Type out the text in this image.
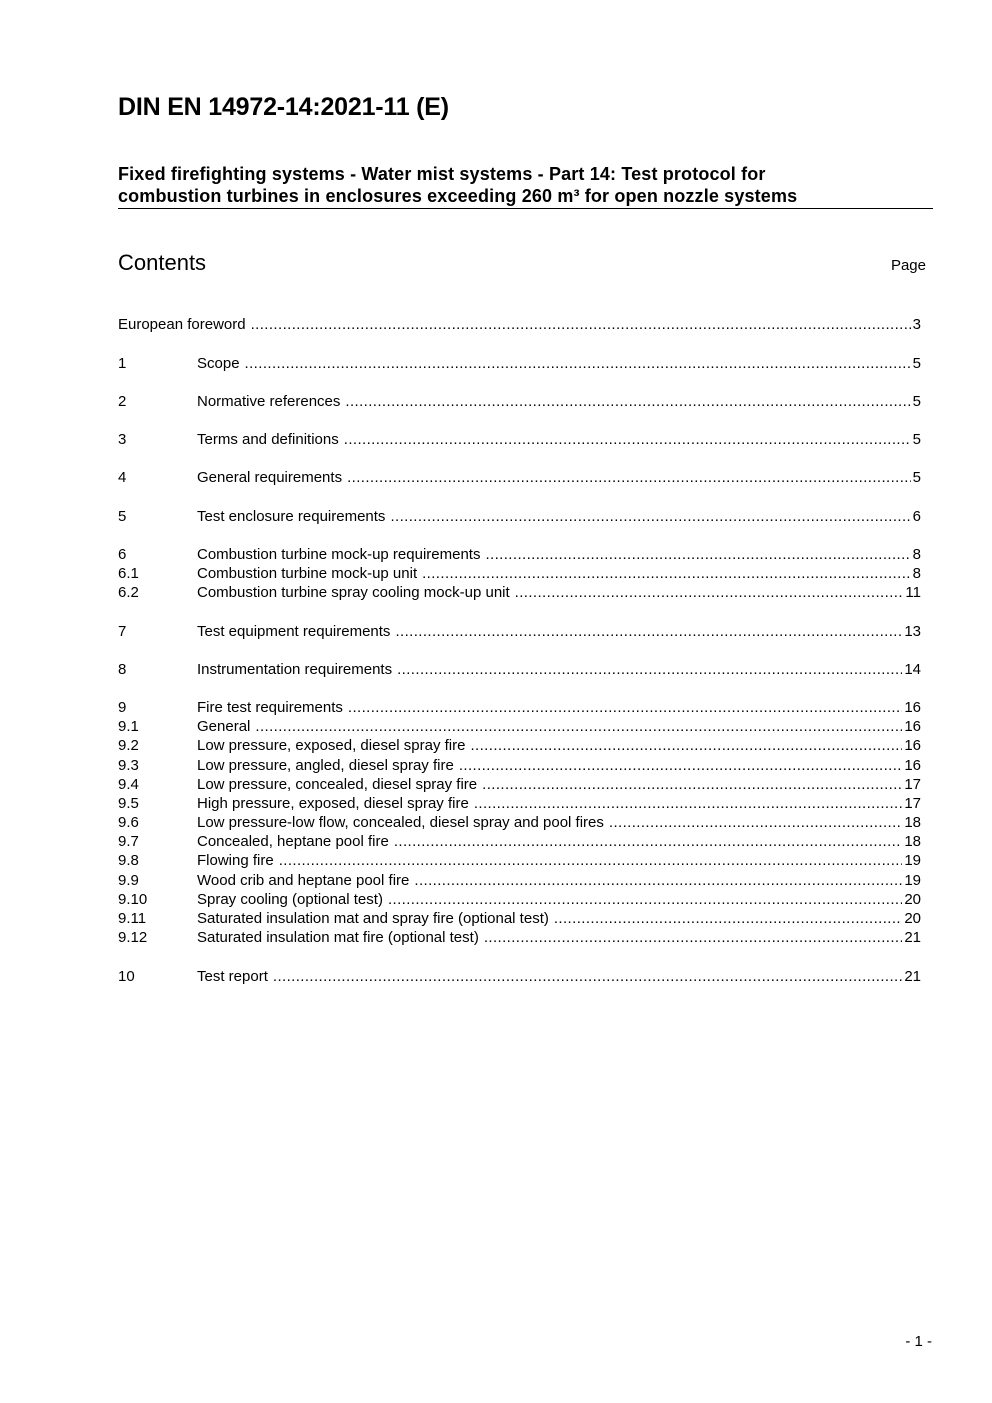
DIN EN 14972-14:2021-11 (E)
Fixed firefighting systems - Water mist systems - Part 14: Test protocol for
combustion turbines in enclosures exceeding 260 m³ for open nozzle systems
Contents	Page
European foreword .....	3
1	Scope .....	5
2	Normative references .....	5
3	Terms and definitions .....	5
4	General requirements .....	5
5	Test enclosure requirements .....	6
6	Combustion turbine mock-up requirements .....	8
6.1	Combustion turbine mock-up unit .....	8
6.2	Combustion turbine spray cooling mock-up unit .....	11
7	Test equipment requirements .....	13
8	Instrumentation requirements .....	14
9	Fire test requirements .....	16
9.1	General .....	16
9.2	Low pressure, exposed, diesel spray fire .....	16
9.3	Low pressure, angled, diesel spray fire .....	16
9.4	Low pressure, concealed, diesel spray fire .....	17
9.5	High pressure, exposed, diesel spray fire .....	17
9.6	Low pressure-low flow, concealed, diesel spray and pool fires .....	18
9.7	Concealed, heptane pool fire .....	18
9.8	Flowing fire .....	19
9.9	Wood crib and heptane pool fire .....	19
9.10	Spray cooling (optional test) .....	20
9.11	Saturated insulation mat and spray fire (optional test) .....	20
9.12	Saturated insulation mat fire (optional test) .....	21
10	Test report .....	21
- 1 -
